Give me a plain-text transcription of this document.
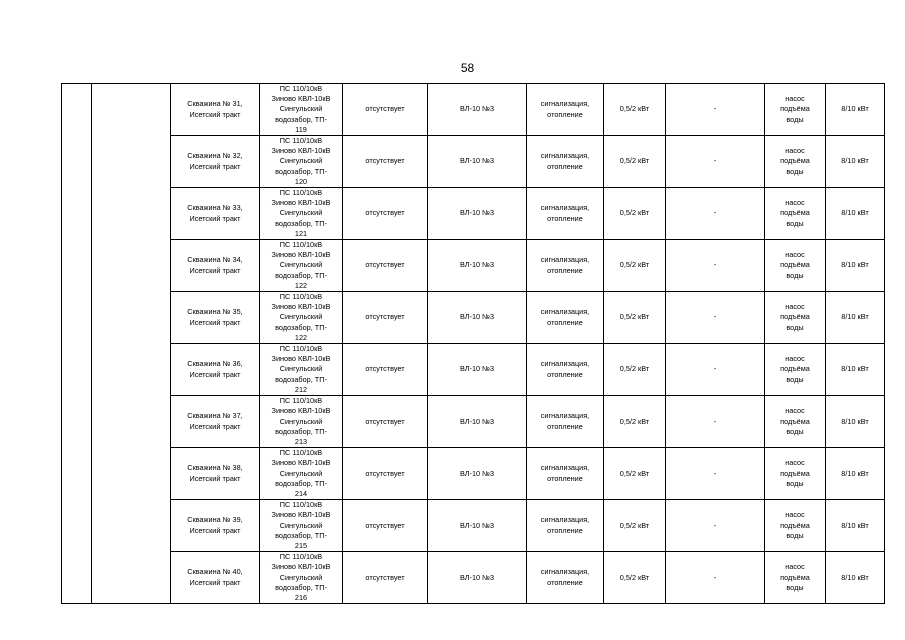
58

		Скважина № 31,
Исетский тракт	ПС 110/10кВ
Зиново КВЛ-10кВ
Сингульский
водозабор, ТП-
119	отсутствует	ВЛ-10 №3	сигнализация,
отопление	0,5/2 кВт	-	насос
подъёма
воды	8/10 кВт

		Скважина № 32,
Исетский тракт	ПС 110/10кВ
Зиново КВЛ-10кВ
Сингульский
водозабор, ТП-
120	отсутствует	ВЛ-10 №3	сигнализация,
отопление	0,5/2 кВт	-	насос
подъёма
воды	8/10 кВт

		Скважина № 33,
Исетский тракт	ПС 110/10кВ
Зиново КВЛ-10кВ
Сингульский
водозабор, ТП-
121	отсутствует	ВЛ-10 №3	сигнализация,
отопление	0,5/2 кВт	-	насос
подъёма
воды	8/10 кВт

		Скважина № 34,
Исетский тракт	ПС 110/10кВ
Зиново КВЛ-10кВ
Сингульский
водозабор, ТП-
122	отсутствует	ВЛ-10 №3	сигнализация,
отопление	0,5/2 кВт	-	насос
подъёма
воды	8/10 кВт

		Скважина № 35,
Исетский тракт	ПС 110/10кВ
Зиново КВЛ-10кВ
Сингульский
водозабор, ТП-
122	отсутствует	ВЛ-10 №3	сигнализация,
отопление	0,5/2 кВт	-	насос
подъёма
воды	8/10 кВт

		Скважина № 36,
Исетский тракт	ПС 110/10кВ
Зиново КВЛ-10кВ
Сингульский
водозабор, ТП-
212	отсутствует	ВЛ-10 №3	сигнализация,
отопление	0,5/2 кВт	-	насос
подъёма
воды	8/10 кВт

		Скважина № 37,
Исетский тракт	ПС 110/10кВ
Зиново КВЛ-10кВ
Сингульский
водозабор, ТП-
213	отсутствует	ВЛ-10 №3	сигнализация,
отопление	0,5/2 кВт	-	насос
подъёма
воды	8/10 кВт

		Скважина № 38,
Исетский тракт	ПС 110/10кВ
Зиново КВЛ-10кВ
Сингульский
водозабор, ТП-
214	отсутствует	ВЛ-10 №3	сигнализация,
отопление	0,5/2 кВт	-	насос
подъёма
воды	8/10 кВт

		Скважина № 39,
Исетский тракт	ПС 110/10кВ
Зиново КВЛ-10кВ
Сингульский
водозабор, ТП-
215	отсутствует	ВЛ-10 №3	сигнализация,
отопление	0,5/2 кВт	-	насос
подъёма
воды	8/10 кВт

		Скважина № 40,
Исетский тракт	ПС 110/10кВ
Зиново КВЛ-10кВ
Сингульский
водозабор, ТП-
216	отсутствует	ВЛ-10 №3	сигнализация,
отопление	0,5/2 кВт	-	насос
подъёма
воды	8/10 кВт
